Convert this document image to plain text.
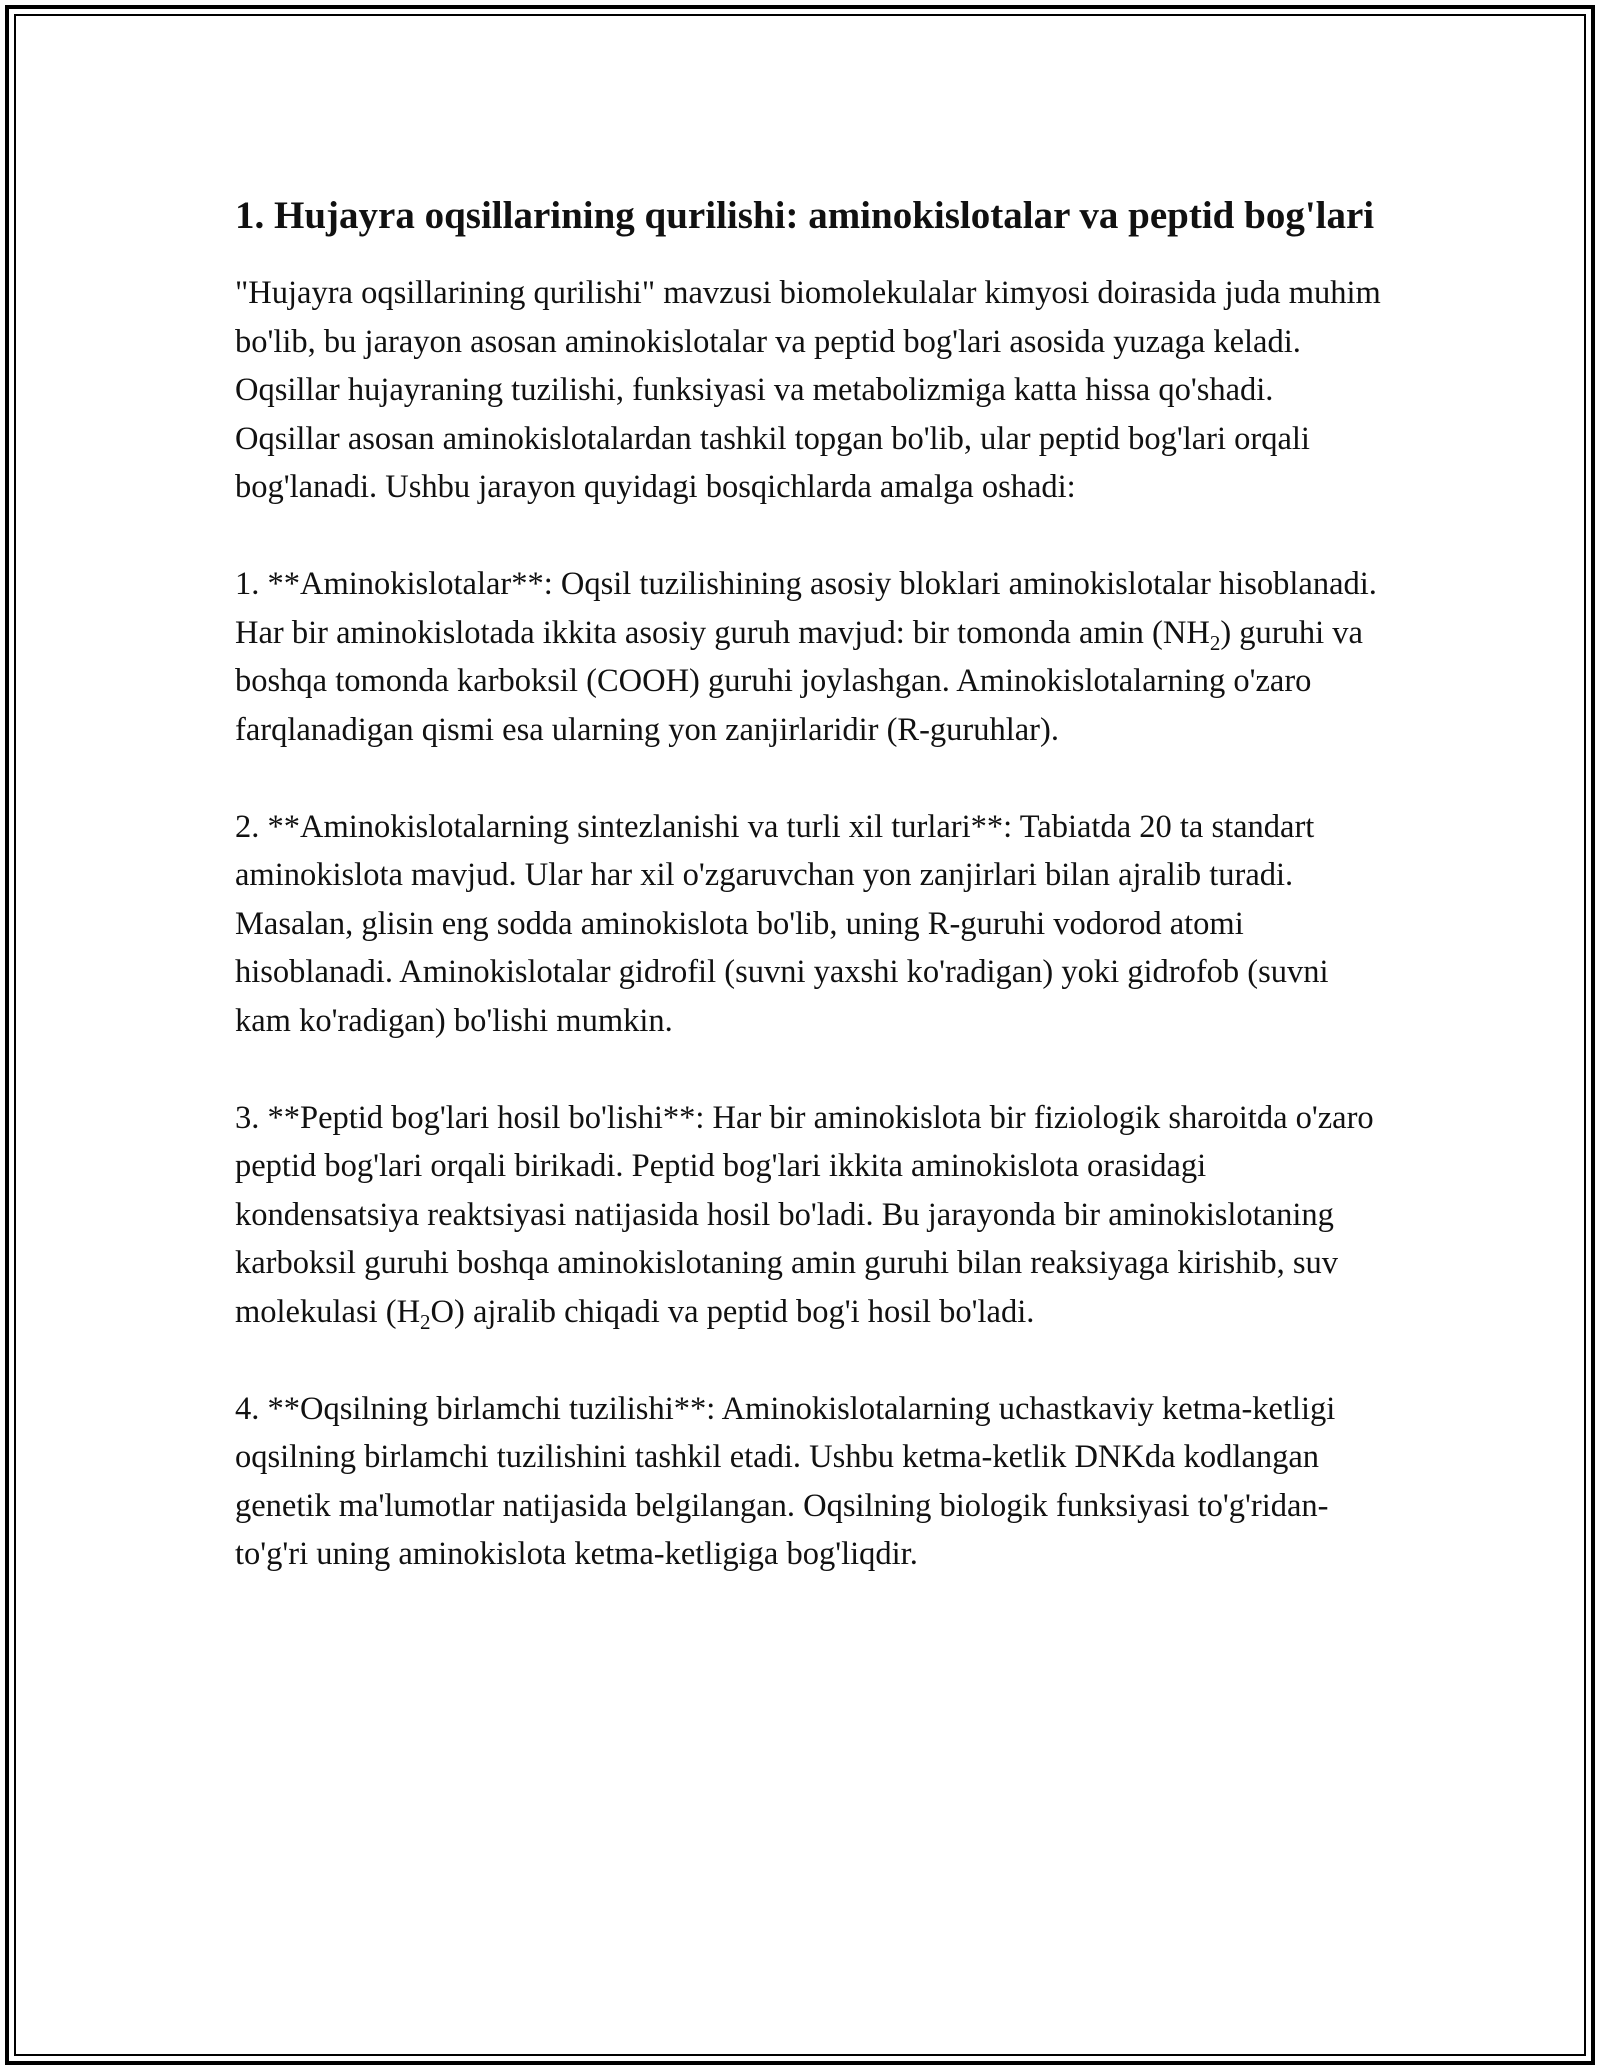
1. Hujayra oqsillarining qurilishi: aminokislotalar va peptid bog'lari

"Hujayra oqsillarining qurilishi" mavzusi biomolekulalar kimyosi doirasida juda muhim bo'lib, bu jarayon asosan aminokislotalar va peptid bog'lari asosida yuzaga keladi. Oqsillar hujayraning tuzilishi, funksiyasi va metabolizmiga katta hissa qo'shadi. Oqsillar asosan aminokislotalardan tashkil topgan bo'lib, ular peptid bog'lari orqali bog'lanadi. Ushbu jarayon quyidagi bosqichlarda amalga oshadi:

1. **Aminokislotalar**: Oqsil tuzilishining asosiy bloklari aminokislotalar hisoblanadi. Har bir aminokislotada ikkita asosiy guruh mavjud: bir tomonda amin $(NH_2)$ guruhi va boshqa tomonda karboksil (COOH) guruhi joylashgan. Aminokislotalarning o'zaro farqlanadigan qismi esa ularning yon zanjirlaridir (R-guruhlar).

2. **Aminokislotalarning sintezlanishi va turli xil turlari**: Tabiatda 20 ta standart aminokislota mavjud. Ular har xil o'zgaruvchan yon zanjirlari bilan ajralib turadi. Masalan, glisin eng sodda aminokislota bo'lib, uning R-guruhi vodorod atomi hisoblanadi. Aminokislotalar gidrofil (suvni yaxshi ko'radigan) yoki gidrofob (suvni kam ko'radigan) bo'lishi mumkin.

3. **Peptid bog'lari hosil bo'lishi**: Har bir aminokislota bir fiziologik sharoitda o'zaro peptid bog'lari orqali birikadi. Peptid bog'lari ikkita aminokislota orasidagi kondensatsiya reaktsiyasi natijasida hosil bo'ladi. Bu jarayonda bir aminokislotaning karboksil guruhi boshqa aminokislotaning amin guruhi bilan reaksiyaga kirishib, suv molekulasi $(H_2O)$ ajralib chiqadi va peptid bog'i hosil bo'ladi.

4. **Oqsilning birlamchi tuzilishi**: Aminokislotalarning uchastkaviy ketma-ketligi oqsilning birlamchi tuzilishini tashkil etadi. Ushbu ketma-ketlik DNKda kodlangan genetik ma'lumotlar natijasida belgilangan. Oqsilning biologik funksiyasi to'g'ridan-to'g'ri uning aminokislota ketma-ketligiga bog'liqdir.
